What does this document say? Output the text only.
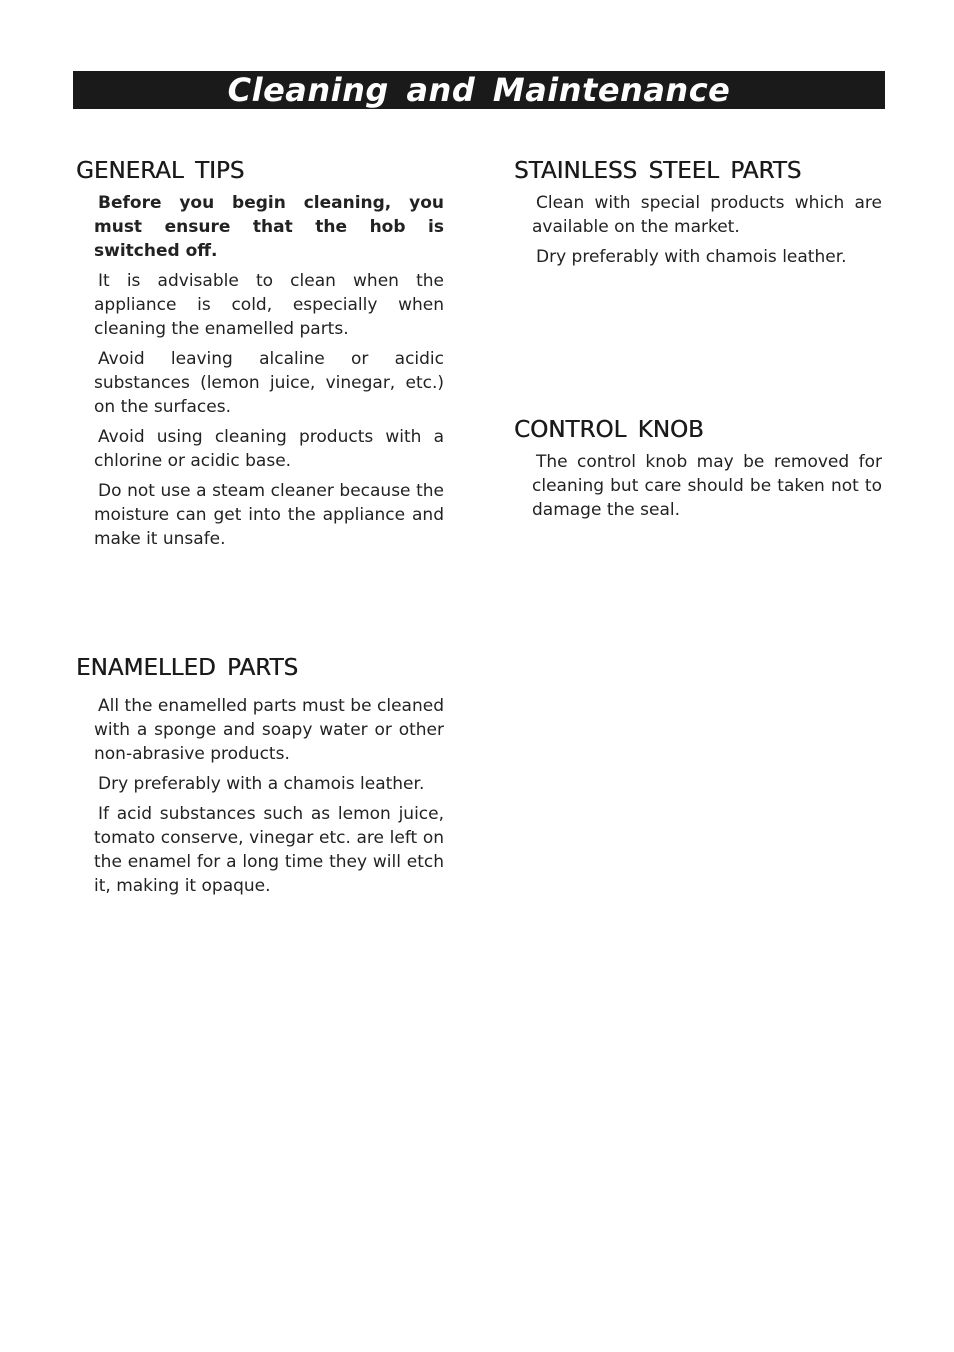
Cleaning and Maintenance
GENERAL TIPS

Before you begin cleaning, you must ensure that the hob is switched off.

It is advisable to clean when the appliance is cold, especially when cleaning the enamelled parts.

Avoid leaving alcaline or acidic substances (lemon juice, vinegar, etc.) on the surfaces.

Avoid using cleaning products with a chlorine or acidic base.

Do not use a steam cleaner because the moisture can get into the appliance and make it unsafe.

ENAMELLED PARTS

All the enamelled parts must be cleaned with a sponge and soapy water or other non-abrasive products.

Dry preferably with a chamois leather.

If acid substances such as lemon juice, tomato conserve, vinegar etc. are left on the enamel for a long time they will etch it, making it opaque.

STAINLESS STEEL PARTS

Clean with special products which are available on the market.

Dry preferably with chamois leather.

CONTROL KNOB

The control knob may be removed for cleaning but care should be taken not to damage the seal.
